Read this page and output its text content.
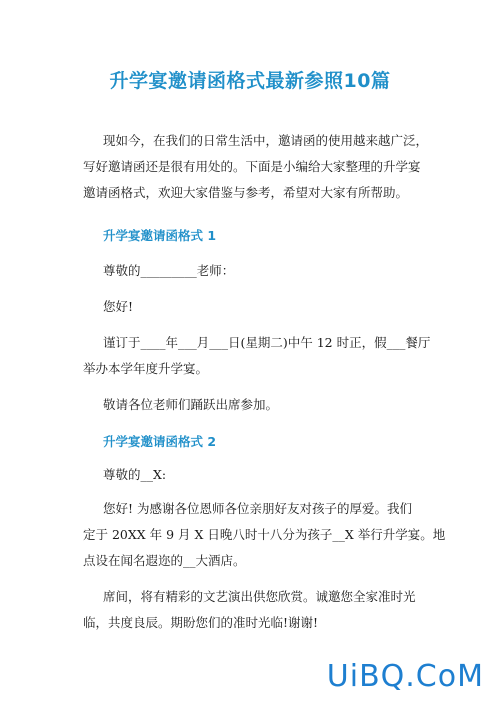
升学宴邀请函格式最新参照10篇
现如今，在我们的日常生活中，邀请函的使用越来越广泛，
写好邀请函还是很有用处的。下面是小编给大家整理的升学宴
邀请函格式，欢迎大家借鉴与参考，希望对大家有所帮助。
升学宴邀请函格式 1
尊敬的_________老师：
您好!
谨订于____年___月___日(星期二)中午 12 时正，假___餐厅
举办本学年度升学宴。
敬请各位老师们踊跃出席参加。
升学宴邀请函格式 2
尊敬的__X:
您好! 为感谢各位恩师各位亲朋好友对孩子的厚爱。我们
定于 20XX 年 9 月 X 日晚八时十八分为孩子__X 举行升学宴。地
点设在闻名遐迩的__大酒店。
席间，将有精彩的文艺演出供您欣赏。诚邀您全家准时光
临，共度良辰。期盼您们的准时光临!谢谢!
UiBQ.CoM
